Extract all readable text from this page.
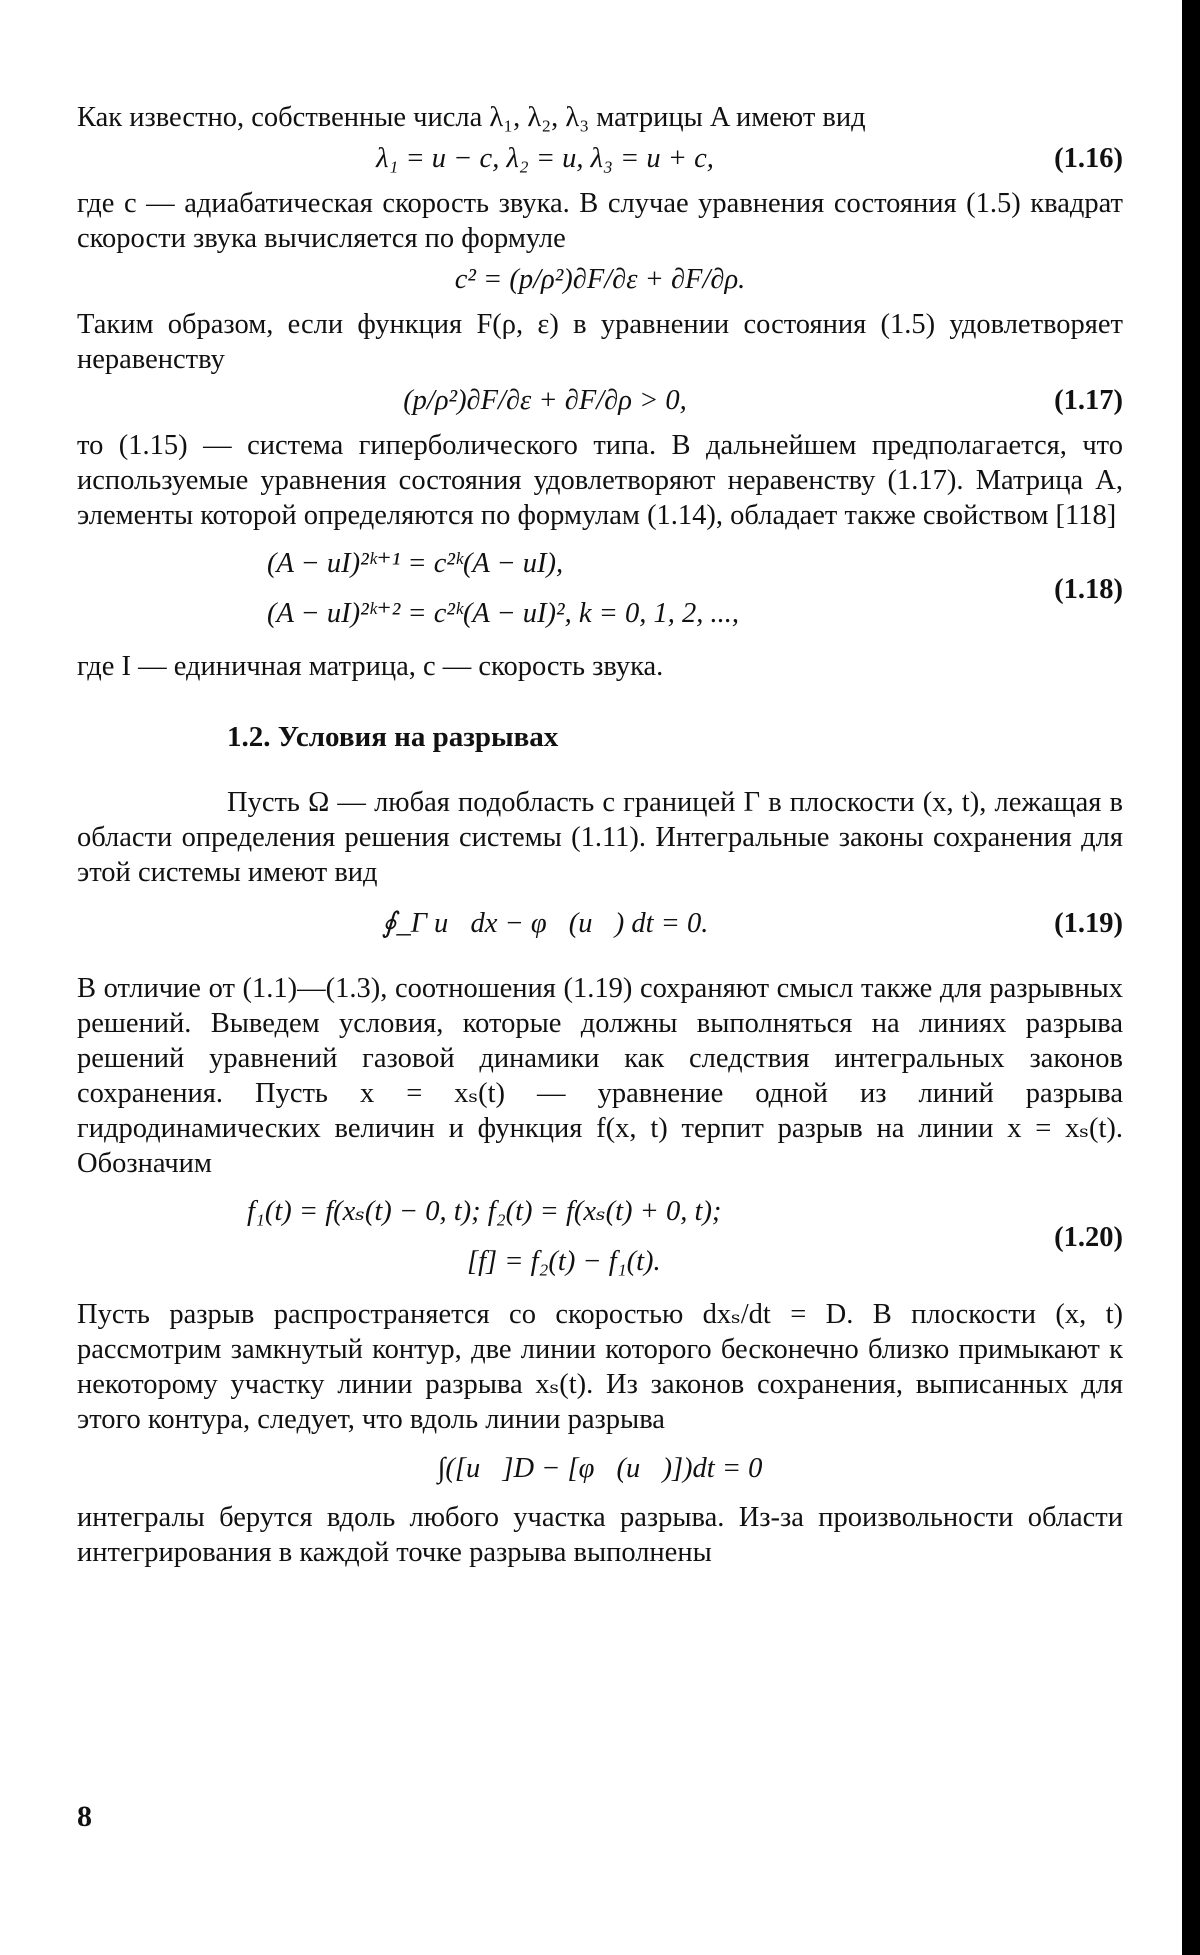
Как известно, собственные числа λ₁, λ₂, λ₃ матрицы A имеют вид

λ₁ = u − c, λ₂ = u, λ₃ = u + c,	(1.16)

где c — адиабатическая скорость звука. В случае уравнения состояния (1.5) квадрат скорости звука вычисляется по формуле

c² = (p/ρ²)∂F/∂ε + ∂F/∂ρ.

Таким образом, если функция F(ρ, ε) в уравнении состояния (1.5) удовлетворяет неравенству

(p/ρ²)∂F/∂ε + ∂F/∂ρ > 0,	(1.17)

то (1.15) — система гиперболического типа. В дальнейшем предполагается, что используемые уравнения состояния удовлетворяют неравенству (1.17). Матрица A, элементы которой определяются по формулам (1.14), обладает также свойством [118]

(A − uI)²ᵏ⁺¹ = c²ᵏ(A − uI),
(A − uI)²ᵏ⁺² = c²ᵏ(A − uI)², k = 0, 1, 2, ...,
(1.18)

где I — единичная матрица, c — скорость звука.

1.2. Условия на разрывах

Пусть Ω — любая подобласть с границей Γ в плоскости (x, t), лежащая в области определения решения системы (1.11). Интегральные законы сохранения для этой системы имеют вид

∮_Γ u⃗dx − φ⃗(u⃗) dt = 0.	(1.19)

В отличие от (1.1)—(1.3), соотношения (1.19) сохраняют смысл также для разрывных решений. Выведем условия, которые должны выполняться на линиях разрыва решений уравнений газовой динамики как следствия интегральных законов сохранения. Пусть x = xₛ(t) — уравнение одной из линий разрыва гидродинамических величин и функция f(x, t) терпит разрыв на линии x = xₛ(t). Обозначим

f₁(t) = f(xₛ(t) − 0, t); f₂(t) = f(xₛ(t) + 0, t);
[f] = f₂(t) − f₁(t).
(1.20)

Пусть разрыв распространяется со скоростью dxₛ/dt = D. В плоскости (x, t) рассмотрим замкнутый контур, две линии которого бесконечно близко примыкают к некоторому участку линии разрыва xₛ(t). Из законов сохранения, выписанных для этого контура, следует, что вдоль линии разрыва

∫([u⃗]D − [φ⃗(u⃗)])dt = 0

интегралы берутся вдоль любого участка разрыва. Из-за произвольности области интегрирования в каждой точке разрыва выполнены

8
